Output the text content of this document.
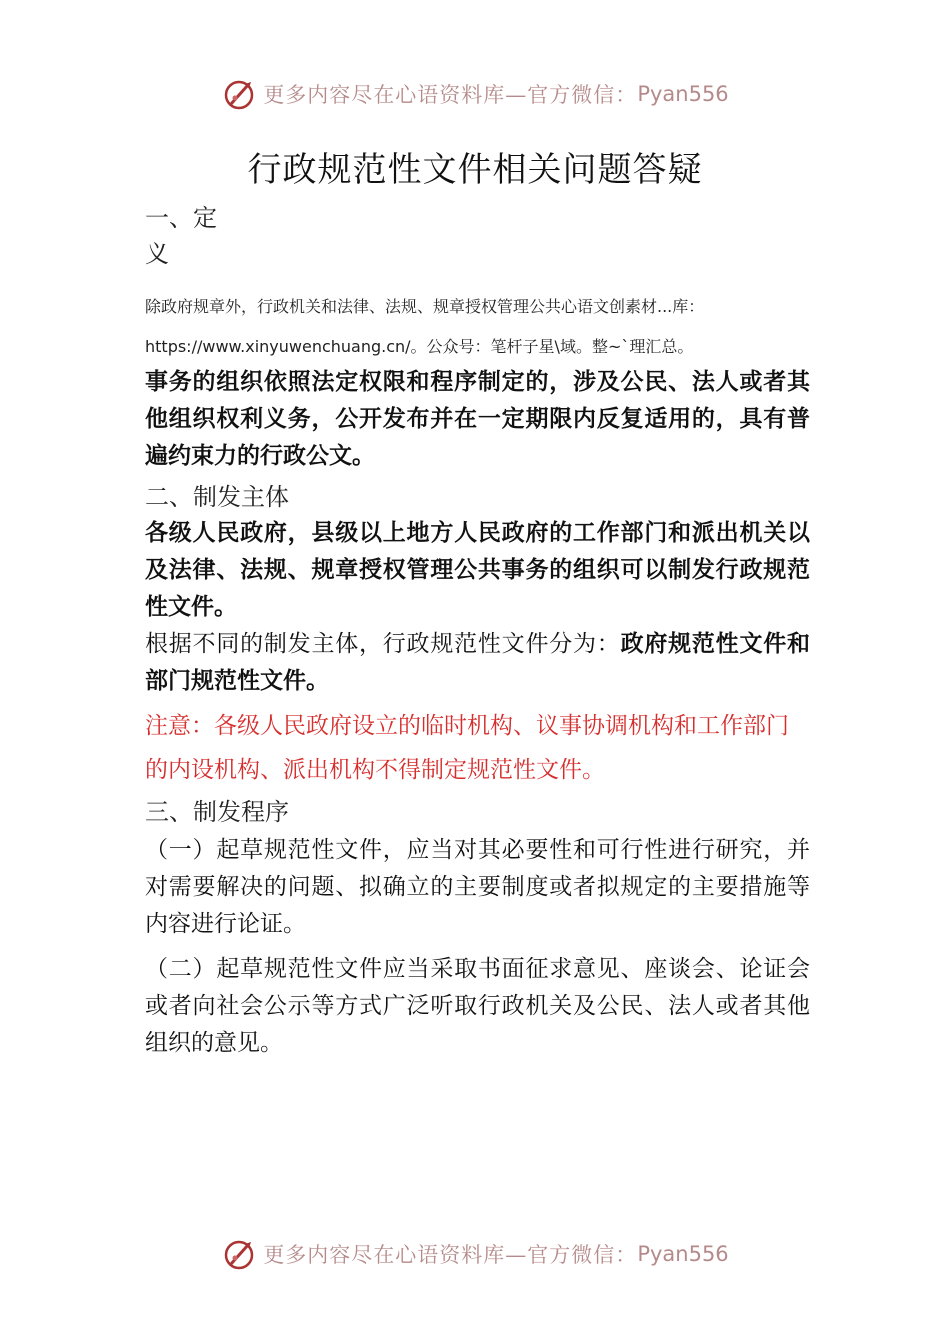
更多内容尽在心语资料库—官方微信： Pyan556
行政规范性文件相关问题答疑

一、定义

除政府规章外，行政机关和法律、法规、规章授权管理公共心语文创素材...库：

https://www.xinyuwenchuang.cn/。公众号：笔杆子星\域。整~`理汇总。

事务的组织依照法定权限和程序制定的，涉及公民、法人或者其他组织权利义务，公开发布并在一定期限内反复适用的，具有普遍约束力的行政公文。

二、制发主体

各级人民政府，县级以上地方人民政府的工作部门和派出机关以及法律、法规、规章授权管理公共事务的组织可以制发行政规范性文件。

根据不同的制发主体，行政规范性文件分为：政府规范性文件和部门规范性文件。

注意：各级人民政府设立的临时机构、议事协调机构和工作部门的内设机构、派出机构不得制定规范性文件。

三、制发程序

（一）起草规范性文件，应当对其必要性和可行性进行研究，并对需要解决的问题、拟确立的主要制度或者拟规定的主要措施等内容进行论证。

（二）起草规范性文件应当采取书面征求意见、座谈会、论证会或者向社会公示等方式广泛听取行政机关及公民、法人或者其他组织的意见。

更多内容尽在心语资料库—官方微信： Pyan556
